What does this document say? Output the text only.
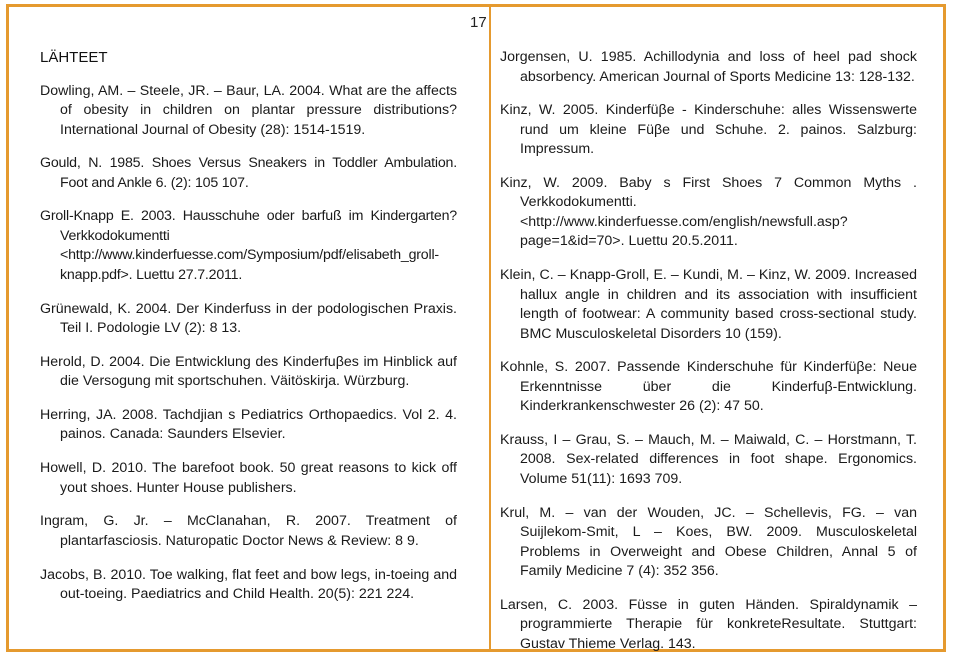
17
LÄHTEET

Dowling, AM. – Steele, JR. – Baur, LA. 2004. What are the affects of obesity in children on plantar pressure distributions? International Journal of Obesity (28): 1514-1519.

Gould, N. 1985. Shoes Versus Sneakers in Toddler Ambulation. Foot and Ankle 6. (2): 105 107.

Groll-Knapp E. 2003. Hausschuhe oder barfuß im Kindergarten? Verkkodokumentti <http://www.kinderfuesse.com/Symposium/pdf/elisabeth_groll-knapp.pdf>. Luettu 27.7.2011.

Grünewald, K. 2004. Der Kinderfuss in der podologischen Praxis. Teil I. Podologie LV (2): 8 13.

Herold, D. 2004. Die Entwicklung des Kinderfuβes im Hinblick auf die Versogung mit sportschuhen. Väitöskirja. Würzburg.

Herring, JA. 2008. Tachdjian s Pediatrics Orthopaedics. Vol 2. 4. painos. Canada: Saunders Elsevier.

Howell, D. 2010. The barefoot book. 50 great reasons to kick off yout shoes. Hunter House publishers.

Ingram, G. Jr. – McClanahan, R. 2007. Treatment of plantarfasciosis. Naturopatic Doctor News & Review: 8 9.

Jacobs, B. 2010. Toe walking, flat feet and bow legs, in-toeing and out-toeing. Paediatrics and Child Health. 20(5): 221 224.

Jorgensen, U. 1985. Achillodynia and loss of heel pad shock absorbency. American Journal of Sports Medicine 13: 128-132.

Kinz, W. 2005. Kinderfüβe - Kinderschuhe: alles Wissenswerte rund um kleine Füβe und Schuhe. 2. painos. Salzburg: Impressum.

Kinz, W. 2009. Baby s First Shoes 7 Common Myths . Verkkodokumentti. <http://www.kinderfuesse.com/english/newsfull.asp?page=1&id=70>. Luettu 20.5.2011.

Klein, C. – Knapp-Groll, E. – Kundi, M. – Kinz, W. 2009. Increased hallux angle in children and its association with insufficient length of footwear: A community based cross-sectional study. BMC Musculoskeletal Disorders 10 (159).

Kohnle, S. 2007. Passende Kinderschuhe für Kinderfüβe: Neue Erkenntnisse über die Kinderfuβ-Entwicklung. Kinderkrankenschwester 26 (2): 47 50.

Krauss, I – Grau, S. – Mauch, M. – Maiwald, C. – Horstmann, T. 2008. Sex-related differences in foot shape. Ergonomics. Volume 51(11): 1693 709.

Krul, M. – van der Wouden, JC. – Schellevis, FG. – van Suijlekom-Smit, L – Koes, BW. 2009. Musculoskeletal Problems in Overweight and Obese Children, Annal 5 of Family Medicine 7 (4): 352 356.

Larsen, C. 2003. Füsse in guten Händen. Spiraldynamik – programmierte Therapie für konkreteResultate. Stuttgart: Gustav Thieme Verlag. 143.
